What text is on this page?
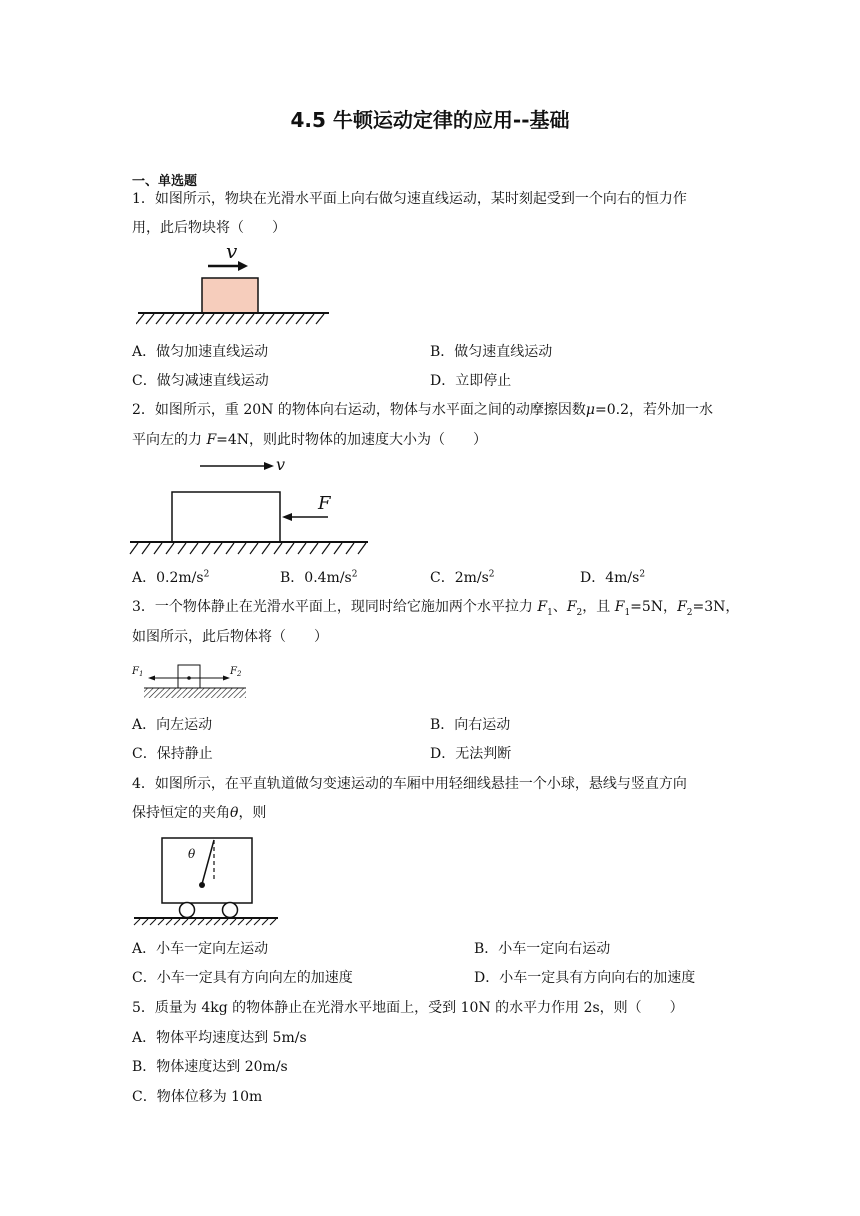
4.5 牛顿运动定律的应用--基础
一、单选题
1．如图所示，物块在光滑水平面上向右做匀速直线运动，某时刻起受到一个向右的恒力作
用，此后物块将（　　）
v
A．做匀加速直线运动	B．做匀速直线运动
C．做匀减速直线运动	D．立即停止
2．如图所示，重 20N 的物体向右运动，物体与水平面之间的动摩擦因数μ=0.2，若外加一水
平向左的力 F=4N，则此时物体的加速度大小为（　　）
v
F
A．$0.2m/s^2$	B．$0.4m/s^2$	C．$2m/s^2$	D．$4m/s^2$
3．一个物体静止在光滑水平面上，现同时给它施加两个水平拉力 $F_1$、$F_2$，且 $F_1=5N$，$F_2=3N$，
如图所示，此后物体将（　　）
$F_1$	$F_2$
A．向左运动	B．向右运动
C．保持静止	D．无法判断
4．如图所示，在平直轨道做匀变速运动的车厢中用轻细线悬挂一个小球，悬线与竖直方向
保持恒定的夹角θ，则
θ
A．小车一定向左运动	B．小车一定向右运动
C．小车一定具有方向向左的加速度	D．小车一定具有方向向右的加速度
5．质量为 4kg 的物体静止在光滑水平地面上，受到 10N 的水平力作用 2s，则（　　）
A．物体平均速度达到 5m/s
B．物体速度达到 20m/s
C．物体位移为 10m
